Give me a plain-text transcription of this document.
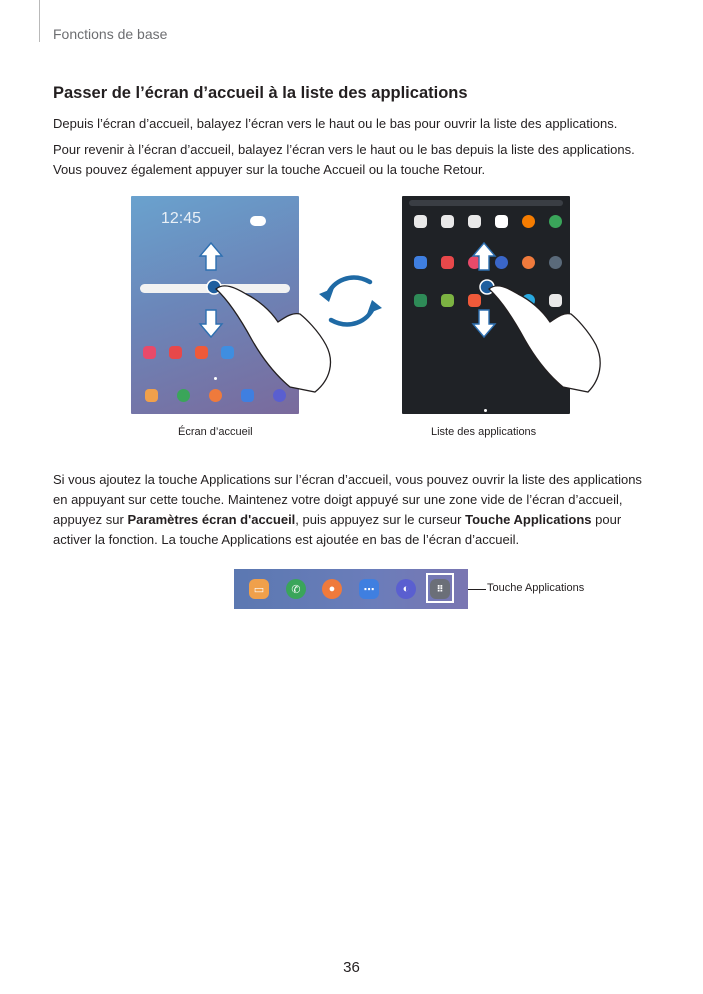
Fonctions de base
Passer de l’écran d’accueil à la liste des applications
Depuis l’écran d’accueil, balayez l’écran vers le haut ou le bas pour ouvrir la liste des applications.
Pour revenir à l’écran d’accueil, balayez l’écran vers le haut ou le bas depuis la liste des applications.
Vous pouvez également appuyer sur la touche Accueil ou la touche Retour.
12:45
Écran d’accueil	Liste des applications
Si vous ajoutez la touche Applications sur l’écran d’accueil, vous pouvez ouvrir la liste des applications en appuyant sur cette touche. Maintenez votre doigt appuyé sur une zone vide de l’écran d’accueil, appuyez sur Paramètres écran d'accueil, puis appuyez sur le curseur Touche Applications pour activer la fonction. La touche Applications est ajoutée en bas de l’écran d’accueil.
▭	✆	●	⋯	◐	⠿	Touche Applications
36
